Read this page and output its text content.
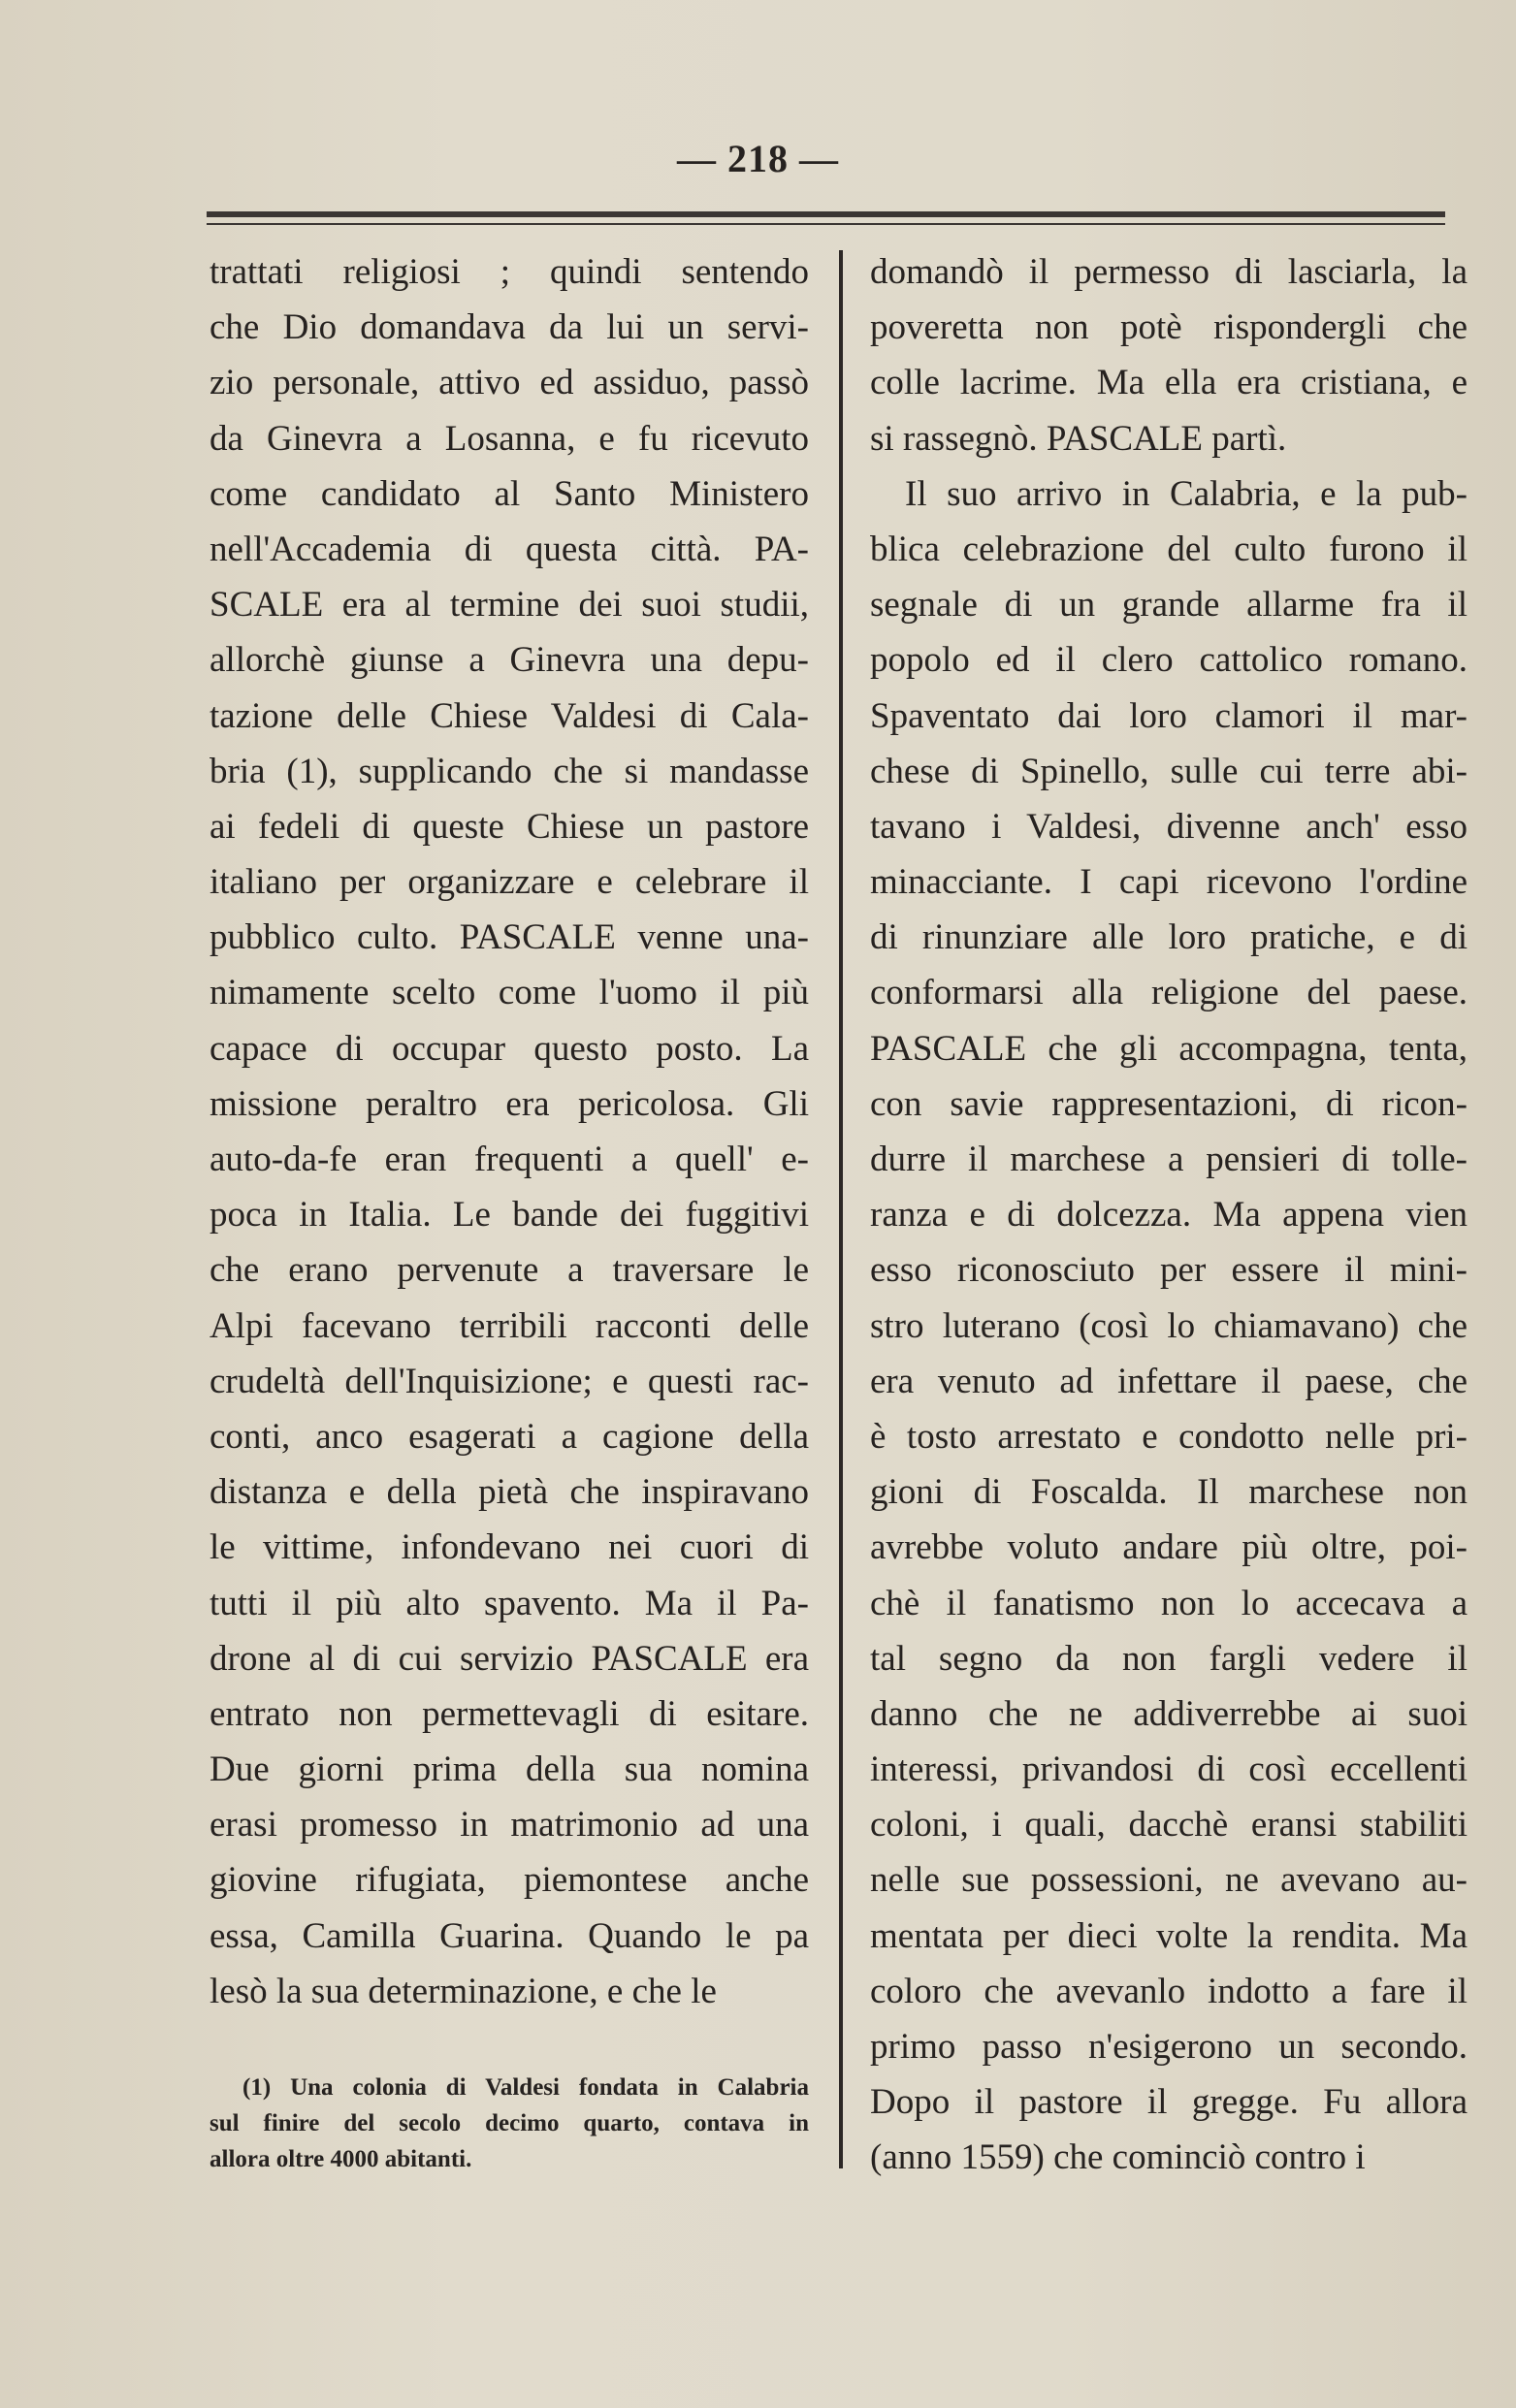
— 218 —
trattati religiosi ; quindi sentendo
che Dio domandava da lui un servi-
zio personale, attivo ed assiduo, passò
da Ginevra a Losanna, e fu ricevuto
come candidato al Santo Ministero
nell'Accademia di questa città. PA-
SCALE era al termine dei suoi studii,
allorchè giunse a Ginevra una depu-
tazione delle Chiese Valdesi di Cala-
bria (1), supplicando che si mandasse
ai fedeli di queste Chiese un pastore
italiano per organizzare e celebrare il
pubblico culto. PASCALE venne una-
nimamente scelto come l'uomo il più
capace di occupar questo posto. La
missione peraltro era pericolosa. Gli
auto-da-fe eran frequenti a quell' e-
poca in Italia. Le bande dei fuggitivi
che erano pervenute a traversare le
Alpi facevano terribili racconti delle
crudeltà dell'Inquisizione; e questi rac-
conti, anco esagerati a cagione della
distanza e della pietà che inspiravano
le vittime, infondevano nei cuori di
tutti il più alto spavento. Ma il Pa-
drone al di cui servizio PASCALE era
entrato non permettevagli di esitare.
Due giorni prima della sua nomina
erasi promesso in matrimonio ad una
giovine rifugiata, piemontese anche
essa, Camilla Guarina. Quando le pa
lesò la sua determinazione, e che le
domandò il permesso di lasciarla, la
poveretta non potè rispondergli che
colle lacrime. Ma ella era cristiana, e
si rassegnò. PASCALE partì.
Il suo arrivo in Calabria, e la pub-
blica celebrazione del culto furono il
segnale di un grande allarme fra il
popolo ed il clero cattolico romano.
Spaventato dai loro clamori il mar-
chese di Spinello, sulle cui terre abi-
tavano i Valdesi, divenne anch' esso
minacciante. I capi ricevono l'ordine
di rinunziare alle loro pratiche, e di
conformarsi alla religione del paese.
PASCALE che gli accompagna, tenta,
con savie rappresentazioni, di ricon-
durre il marchese a pensieri di tolle-
ranza e di dolcezza. Ma appena vien
esso riconosciuto per essere il mini-
stro luterano (così lo chiamavano) che
era venuto ad infettare il paese, che
è tosto arrestato e condotto nelle pri-
gioni di Foscalda. Il marchese non
avrebbe voluto andare più oltre, poi-
chè il fanatismo non lo accecava a
tal segno da non fargli vedere il
danno che ne addiverrebbe ai suoi
interessi, privandosi di così eccellenti
coloni, i quali, dacchè eransi stabiliti
nelle sue possessioni, ne avevano au-
mentata per dieci volte la rendita. Ma
coloro che avevanlo indotto a fare il
primo passo n'esigerono un secondo.
Dopo il pastore il gregge. Fu allora
(anno 1559) che cominciò contro i
(1) Una colonia di Valdesi fondata in Calabria
sul finire del secolo decimo quarto, contava in
allora oltre 4000 abitanti.
